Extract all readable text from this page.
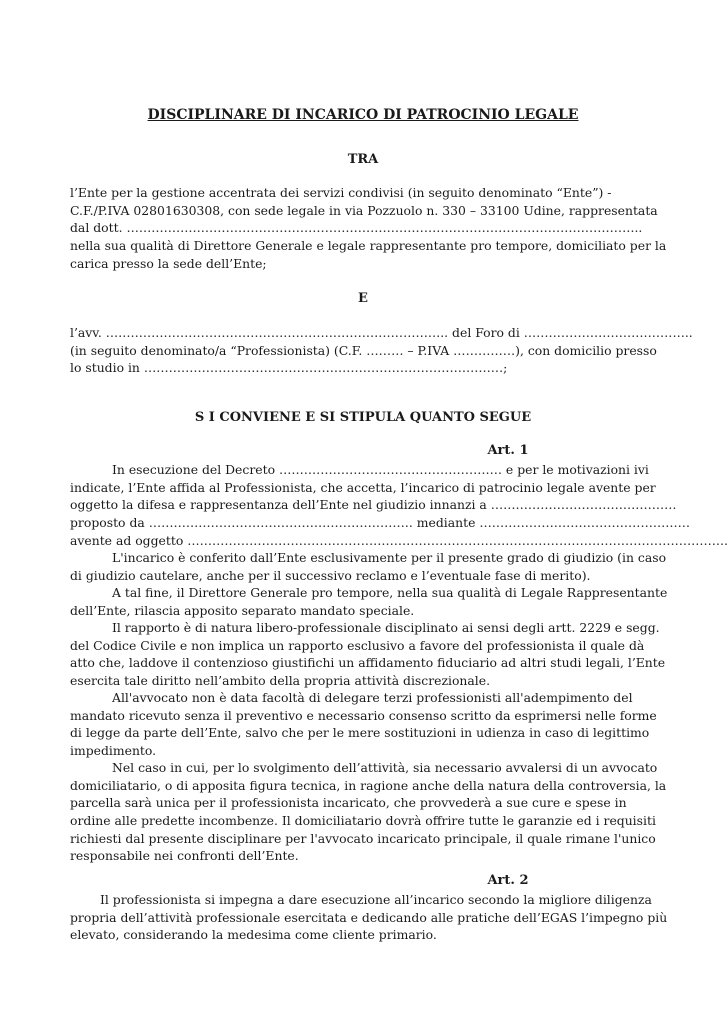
DISCIPLINARE DI INCARICO DI PATROCINIO LEGALE
TRA
l’Ente per la gestione accentrata dei servizi condivisi (in seguito denominato “Ente”) -
C.F./P.IVA 02801630308, con sede legale in via Pozzuolo n. 330 – 33100 Udine, rappresentata
dal dott. ……………………………………………………………………………………………………………..
nella sua qualità di Direttore Generale e legale rappresentante pro tempore, domiciliato per la
carica presso la sede dell’Ente;
E
l’avv. ……………………………………………………………………….. del Foro di …………………………………..
(in seguito denominato/a “Professionista) (C.F. ……… – P.IVA ……………), con domicilio presso
lo studio in ……………………………………………………………………………;
S I CONVIENE E SI STIPULA QUANTO SEGUE
Art. 1
In esecuzione del Decreto ……………………………………………… e per le motivazioni ivi
indicate, l’Ente affida al Professionista, che accetta, l’incarico di patrocinio legale avente per
oggetto la difesa e rappresentanza dell’Ente nel giudizio innanzi a ………………………………………
proposto da ………………………………………………………. mediante ……………………………………………
avente ad oggetto …………………………………………………………………………………………………………………..
L'incarico è conferito dall’Ente esclusivamente per il presente grado di giudizio (in caso
di giudizio cautelare, anche per il successivo reclamo e l’eventuale fase di merito).
A tal fine, il Direttore Generale pro tempore, nella sua qualità di Legale Rappresentante
dell’Ente, rilascia apposito separato mandato speciale.
Il rapporto è di natura libero-professionale disciplinato ai sensi degli artt. 2229 e segg.
del Codice Civile e non implica un rapporto esclusivo a favore del professionista il quale dà
atto che, laddove il contenzioso giustifichi un affidamento fiduciario ad altri studi legali, l’Ente
esercita tale diritto nell’ambito della propria attività discrezionale.
All'avvocato non è data facoltà di delegare terzi professionisti all'adempimento del
mandato ricevuto senza il preventivo e necessario consenso scritto da esprimersi nelle forme
di legge da parte dell’Ente, salvo che per le mere sostituzioni in udienza in caso di legittimo
impedimento.
Nel caso in cui, per lo svolgimento dell’attività, sia necessario avvalersi di un avvocato
domiciliatario, o di apposita figura tecnica, in ragione anche della natura della controversia, la
parcella sarà unica per il professionista incaricato, che provvederà a sue cure e spese in
ordine alle predette incombenze. Il domiciliatario dovrà offrire tutte le garanzie ed i requisiti
richiesti dal presente disciplinare per l'avvocato incaricato principale, il quale rimane l'unico
responsabile nei confronti dell’Ente.
Art. 2
Il professionista si impegna a dare esecuzione all’incarico secondo la migliore diligenza
propria dell’attività professionale esercitata e dedicando alle pratiche dell’EGAS l’impegno più
elevato, considerando la medesima come cliente primario.
